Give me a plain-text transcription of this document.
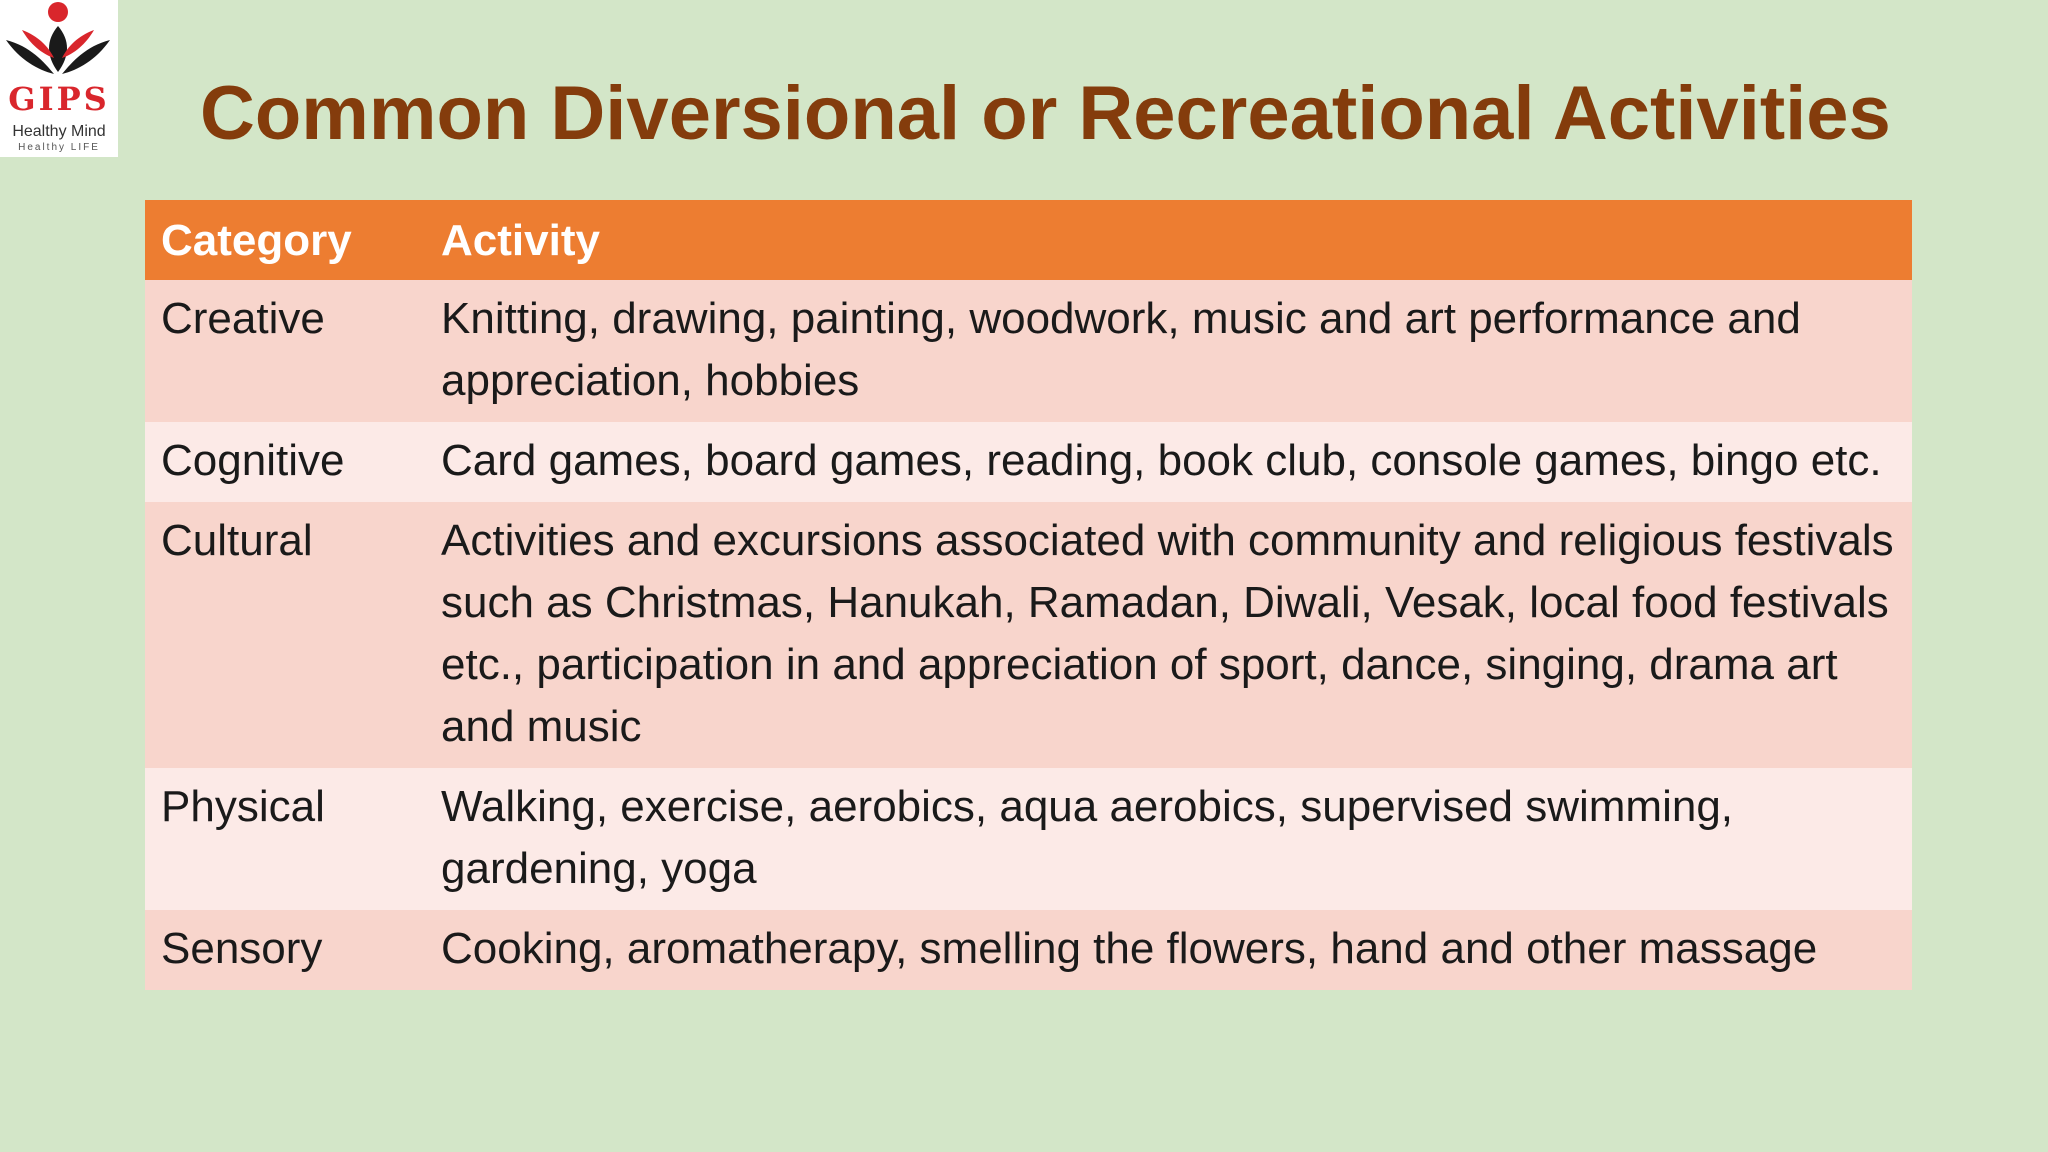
GIPS
Healthy Mind
Healthy LIFE Common Diversional or Recreational Activities
Category	Activity
Creative	Knitting, drawing, painting, woodwork, music and art performance and appreciation, hobbies
Cognitive	Card games, board games, reading, book club, console games, bingo etc.
Cultural	Activities and excursions associated with community and religious festivals such as Christmas, Hanukah, Ramadan, Diwali, Vesak, local food festivals etc., participation in and appreciation of sport, dance, singing, drama art and music
Physical	Walking, exercise, aerobics, aqua aerobics, supervised swimming, gardening, yoga
Sensory	Cooking, aromatherapy, smelling the flowers, hand and other massage
